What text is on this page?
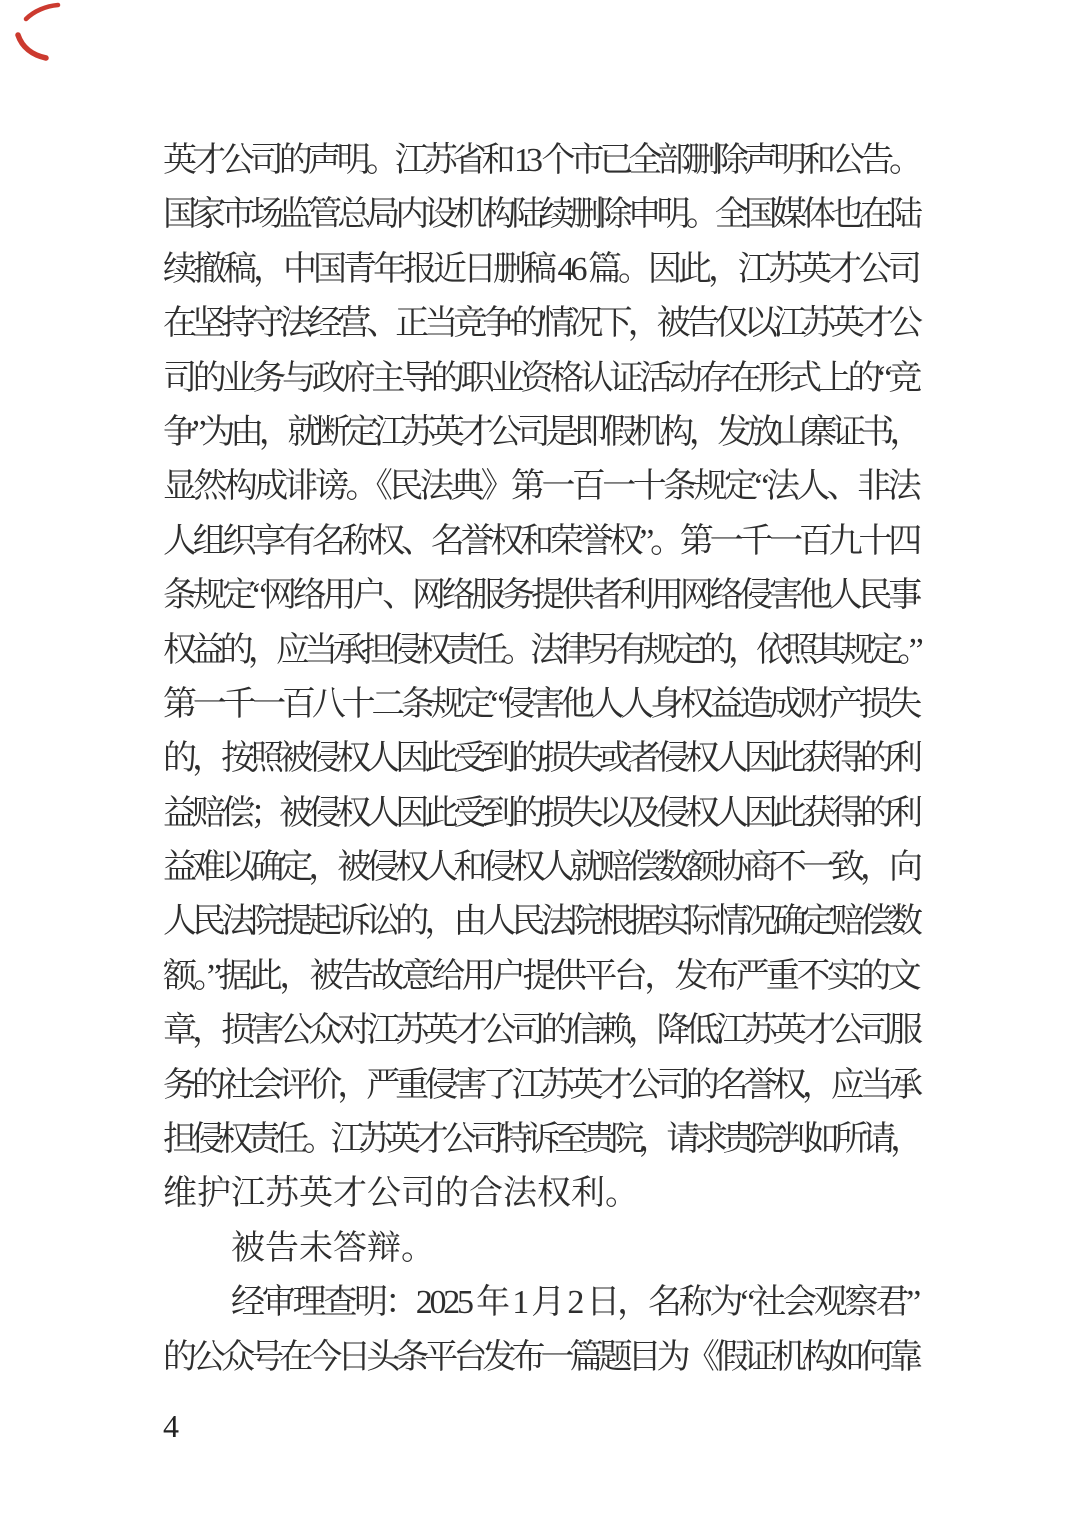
英才公司的声明。江苏省和 13 个市已全部删除声明和公告。
国家市场监管总局内设机构陆续删除申明。全国媒体也在陆
续撤稿，中国青年报近日删稿 46 篇。因此，江苏英才公司
在坚持守法经营、正当竞争的情况下，被告仅以江苏英才公
司的业务与政府主导的职业资格认证活动存在形式上的“竞
争”为由，就断定江苏英才公司是即假机构，发放山寨证书，
显然构成诽谤。《民法典》第一百一十条规定“法人、非法
人组织享有名称权、名誉权和荣誉权”。第一千一百九十四
条规定“网络用户、网络服务提供者利用网络侵害他人民事
权益的，应当承担侵权责任。法律另有规定的，依照其规定。”
第一千一百八十二条规定“侵害他人人身权益造成财产损失
的，按照被侵权人因此受到的损失或者侵权人因此获得的利
益赔偿；被侵权人因此受到的损失以及侵权人因此获得的利
益难以确定，被侵权人和侵权人就赔偿数额协商不一致，向
人民法院提起诉讼的，由人民法院根据实际情况确定赔偿数
额。”据此，被告故意给用户提供平台，发布严重不实的文
章，损害公众对江苏英才公司的信赖，降低江苏英才公司服
务的社会评价，严重侵害了江苏英才公司的名誉权，应当承
担侵权责任。江苏英才公司特诉至贵院，请求贵院判如所请，
维护江苏英才公司的合法权利。
被告未答辩。
经审理查明：2025 年 1 月 2 日，名称为“社会观察君”
的公众号在今日头条平台发布一篇题目为《假证机构如何靠
4
